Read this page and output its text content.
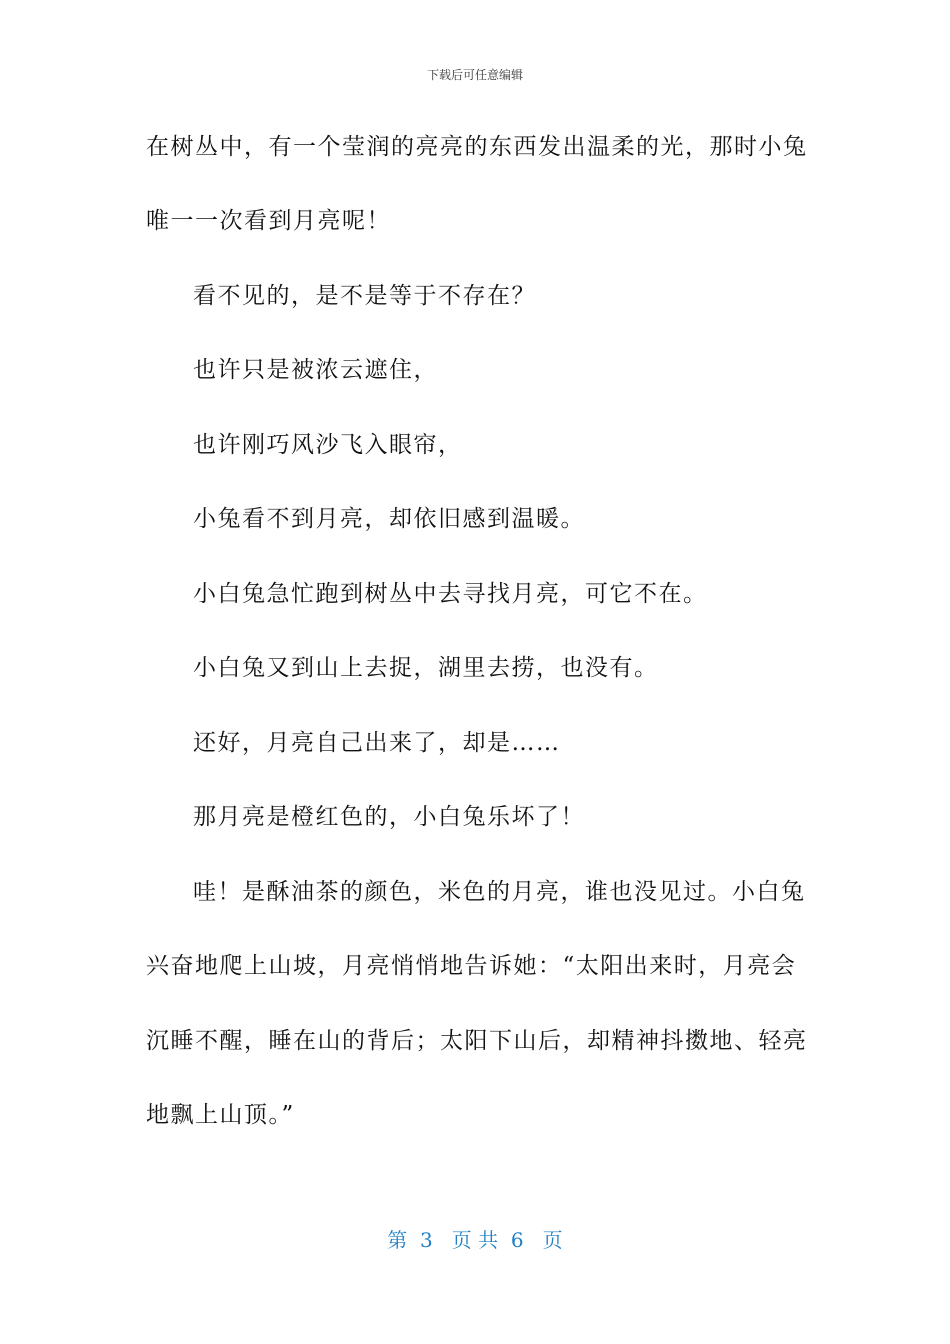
下载后可任意编辑
在树丛中，有一个莹润的亮亮的东西发出温柔的光，那时小兔
唯一一次看到月亮呢！
看不见的，是不是等于不存在？
也许只是被浓云遮住，
也许刚巧风沙飞入眼帘，
小兔看不到月亮，却依旧感到温暖。
小白兔急忙跑到树丛中去寻找月亮，可它不在。
小白兔又到山上去捉，湖里去捞，也没有。
还好，月亮自己出来了，却是……
那月亮是橙红色的，小白兔乐坏了！
哇！是酥油茶的颜色，米色的月亮，谁也没见过。小白兔
兴奋地爬上山坡，月亮悄悄地告诉她：“太阳出来时，月亮会
沉睡不醒，睡在山的背后；太阳下山后，却精神抖擞地、轻亮
地飘上山顶。”
第  3   页 共  6   页
